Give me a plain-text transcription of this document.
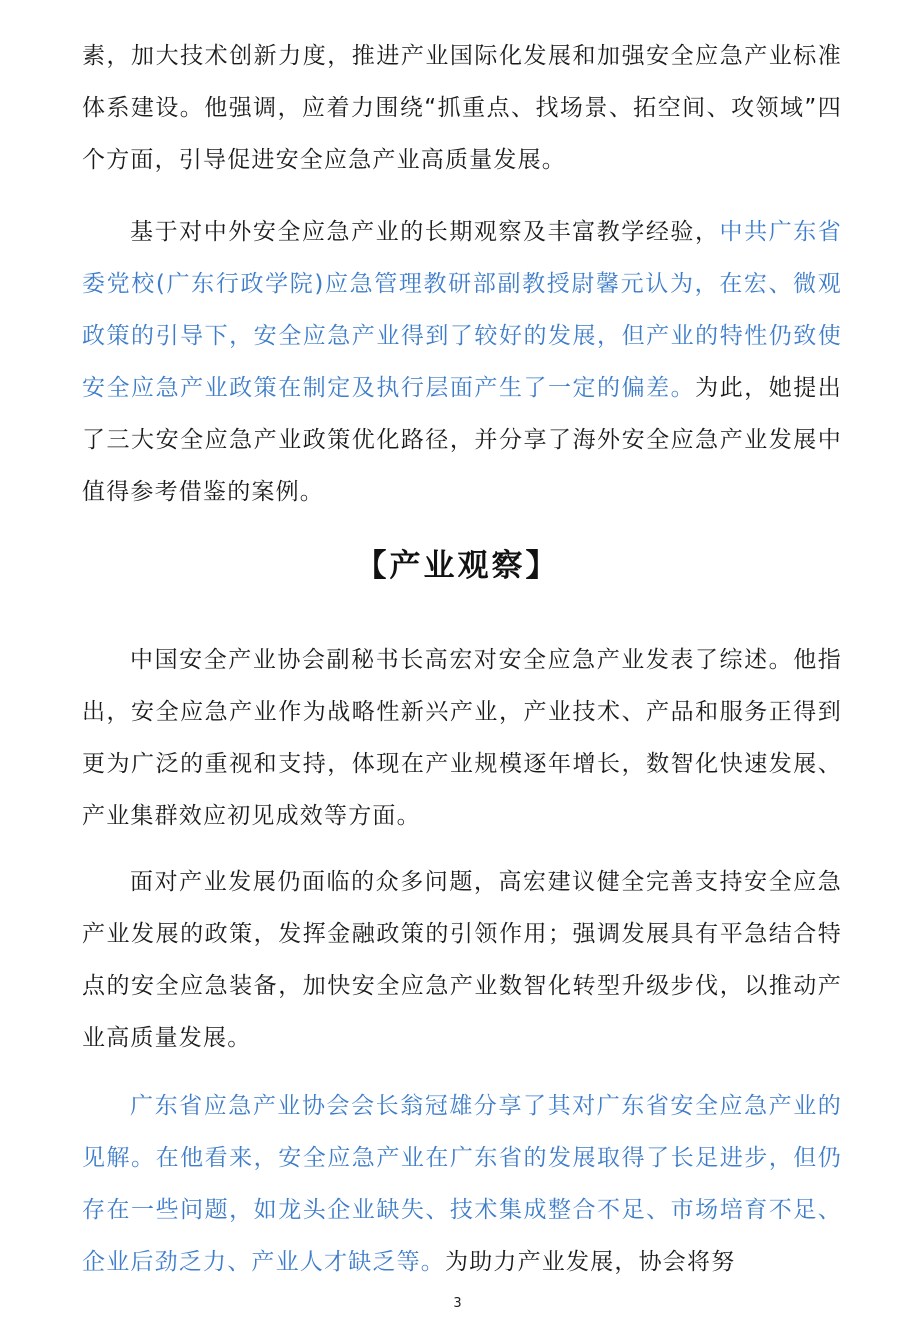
素，加大技术创新力度，推进产业国际化发展和加强安全应急产业标准体系建设。他强调，应着力围绕“抓重点、找场景、拓空间、攻领域”四个方面，引导促进安全应急产业高质量发展。

基于对中外安全应急产业的长期观察及丰富教学经验，中共广东省委党校(广东行政学院)应急管理教研部副教授尉馨元认为，在宏、微观政策的引导下，安全应急产业得到了较好的发展，但产业的特性仍致使安全应急产业政策在制定及执行层面产生了一定的偏差。为此，她提出了三大安全应急产业政策优化路径，并分享了海外安全应急产业发展中值得参考借鉴的案例。

【产业观察】

中国安全产业协会副秘书长高宏对安全应急产业发表了综述。他指出，安全应急产业作为战略性新兴产业，产业技术、产品和服务正得到更为广泛的重视和支持，体现在产业规模逐年增长，数智化快速发展、产业集群效应初见成效等方面。

面对产业发展仍面临的众多问题，高宏建议健全完善支持安全应急产业发展的政策，发挥金融政策的引领作用；强调发展具有平急结合特点的安全应急装备，加快安全应急产业数智化转型升级步伐，以推动产业高质量发展。

广东省应急产业协会会长翁冠雄分享了其对广东省安全应急产业的见解。在他看来，安全应急产业在广东省的发展取得了长足进步，但仍存在一些问题，如龙头企业缺失、技术集成整合不足、市场培育不足、企业后劲乏力、产业人才缺乏等。为助力产业发展，协会将努

3
